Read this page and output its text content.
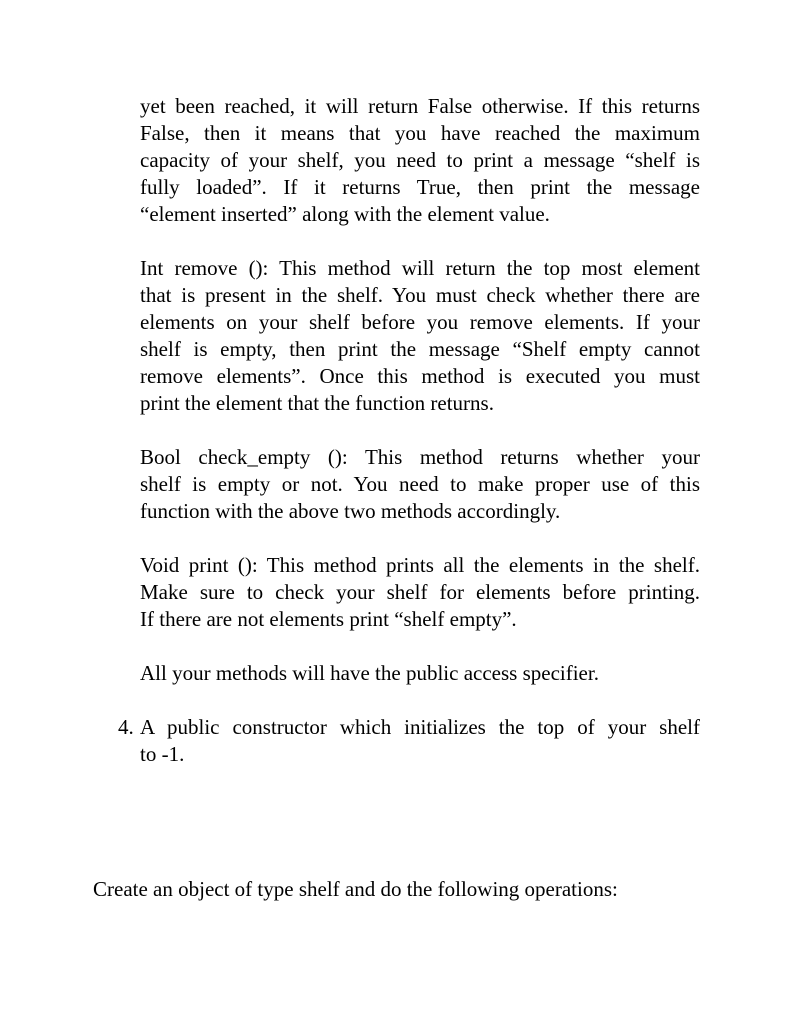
yet been reached, it will return False otherwise. If this returns
False, then it means that you have reached the maximum
capacity of your shelf, you need to print a message “shelf is
fully loaded”. If it returns True, then print the message
“element inserted” along with the element value.
Int remove (): This method will return the top most element
that is present in the shelf. You must check whether there are
elements on your shelf before you remove elements. If your
shelf is empty, then print the message “Shelf empty cannot
remove elements”. Once this method is executed you must
print the element that the function returns.
Bool check_empty (): This method returns whether your
shelf is empty or not. You need to make proper use of this
function with the above two methods accordingly.
Void print (): This method prints all the elements in the shelf.
Make sure to check your shelf for elements before printing.
If there are not elements print “shelf empty”.
All your methods will have the public access specifier.
4. A public constructor which initializes the top of your shelf
to -1.
Create an object of type shelf and do the following operations:
